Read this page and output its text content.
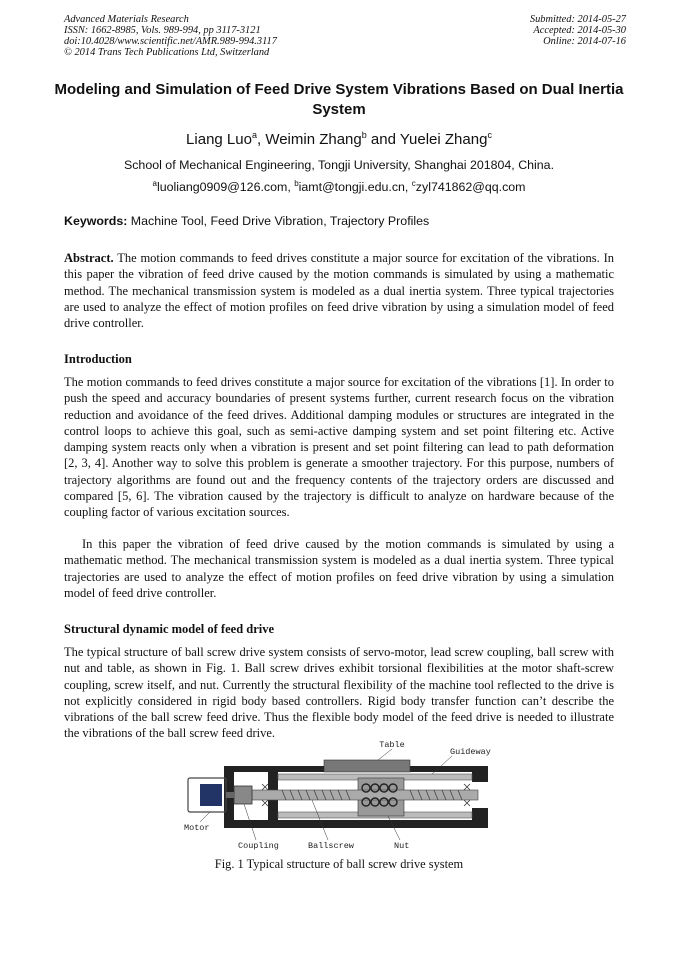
Advanced Materials Research
ISSN: 1662-8985, Vols. 989-994, pp 3117-3121
doi:10.4028/www.scientific.net/AMR.989-994.3117
© 2014 Trans Tech Publications Ltd, Switzerland
Submitted: 2014-05-27
Accepted: 2014-05-30
Online: 2014-07-16
Modeling and Simulation of Feed Drive System Vibrations Based on Dual Inertia System
Liang Luo$^a$, Weimin Zhang$^b$ and Yuelei Zhang$^c$
School of Mechanical Engineering, Tongji University, Shanghai 201804, China.
$^a$luoliang0909@126.com, $^b$iamt@tongji.edu.cn, $^c$zyl741862@qq.com
Keywords: Machine Tool, Feed Drive Vibration, Trajectory Profiles
Abstract. The motion commands to feed drives constitute a major source for excitation of the vibrations. In this paper the vibration of feed drive caused by the motion commands is simulated by using a mathematic method. The mechanical transmission system is modeled as a dual inertia system. Three typical trajectories are used to analyze the effect of motion profiles on feed drive vibration by using a simulation model of feed drive controller.
Introduction
The motion commands to feed drives constitute a major source for excitation of the vibrations [1]. In order to push the speed and accuracy boundaries of present systems further, current research focus on the vibration reduction and avoidance of the feed drives. Additional damping modules or structures are integrated in the control loops to achieve this goal, such as semi-active damping system and set point filtering etc. Active damping system reacts only when a vibration is present and set point filtering can lead to path deformation [2, 3, 4]. Another way to solve this problem is generate a smoother trajectory. For this purpose, numbers of trajectory algorithms are found out and the frequency contents of the trajectory orders are discussed and compared [5, 6]. The vibration caused by the trajectory is difficult to analyze on hardware because of the coupling factor of various excitation sources.
In this paper the vibration of feed drive caused by the motion commands is simulated by using a mathematic method. The mechanical transmission system is modeled as a dual inertia system. Three typical trajectories are used to analyze the effect of motion profiles on feed drive vibration by using a simulation model of feed drive controller.
Structural dynamic model of feed drive
The typical structure of ball screw drive system consists of servo-motor, lead screw coupling, ball screw with nut and table, as shown in Fig. 1. Ball screw drives exhibit torsional flexibilities at the motor shaft-screw coupling, screw itself, and nut. Currently the structural flexibility of the machine tool reflected to the drive is not explicitly considered in rigid body based controllers. Rigid body transfer function can’t describe the vibrations of the ball screw feed drive. Thus the flexible body model of the feed drive is needed to illustrate the vibrations of the ball screw feed drive.
Table
Guideway
Motor
Coupling	Ballscrew	Nut
Fig. 1 Typical structure of ball screw drive system
